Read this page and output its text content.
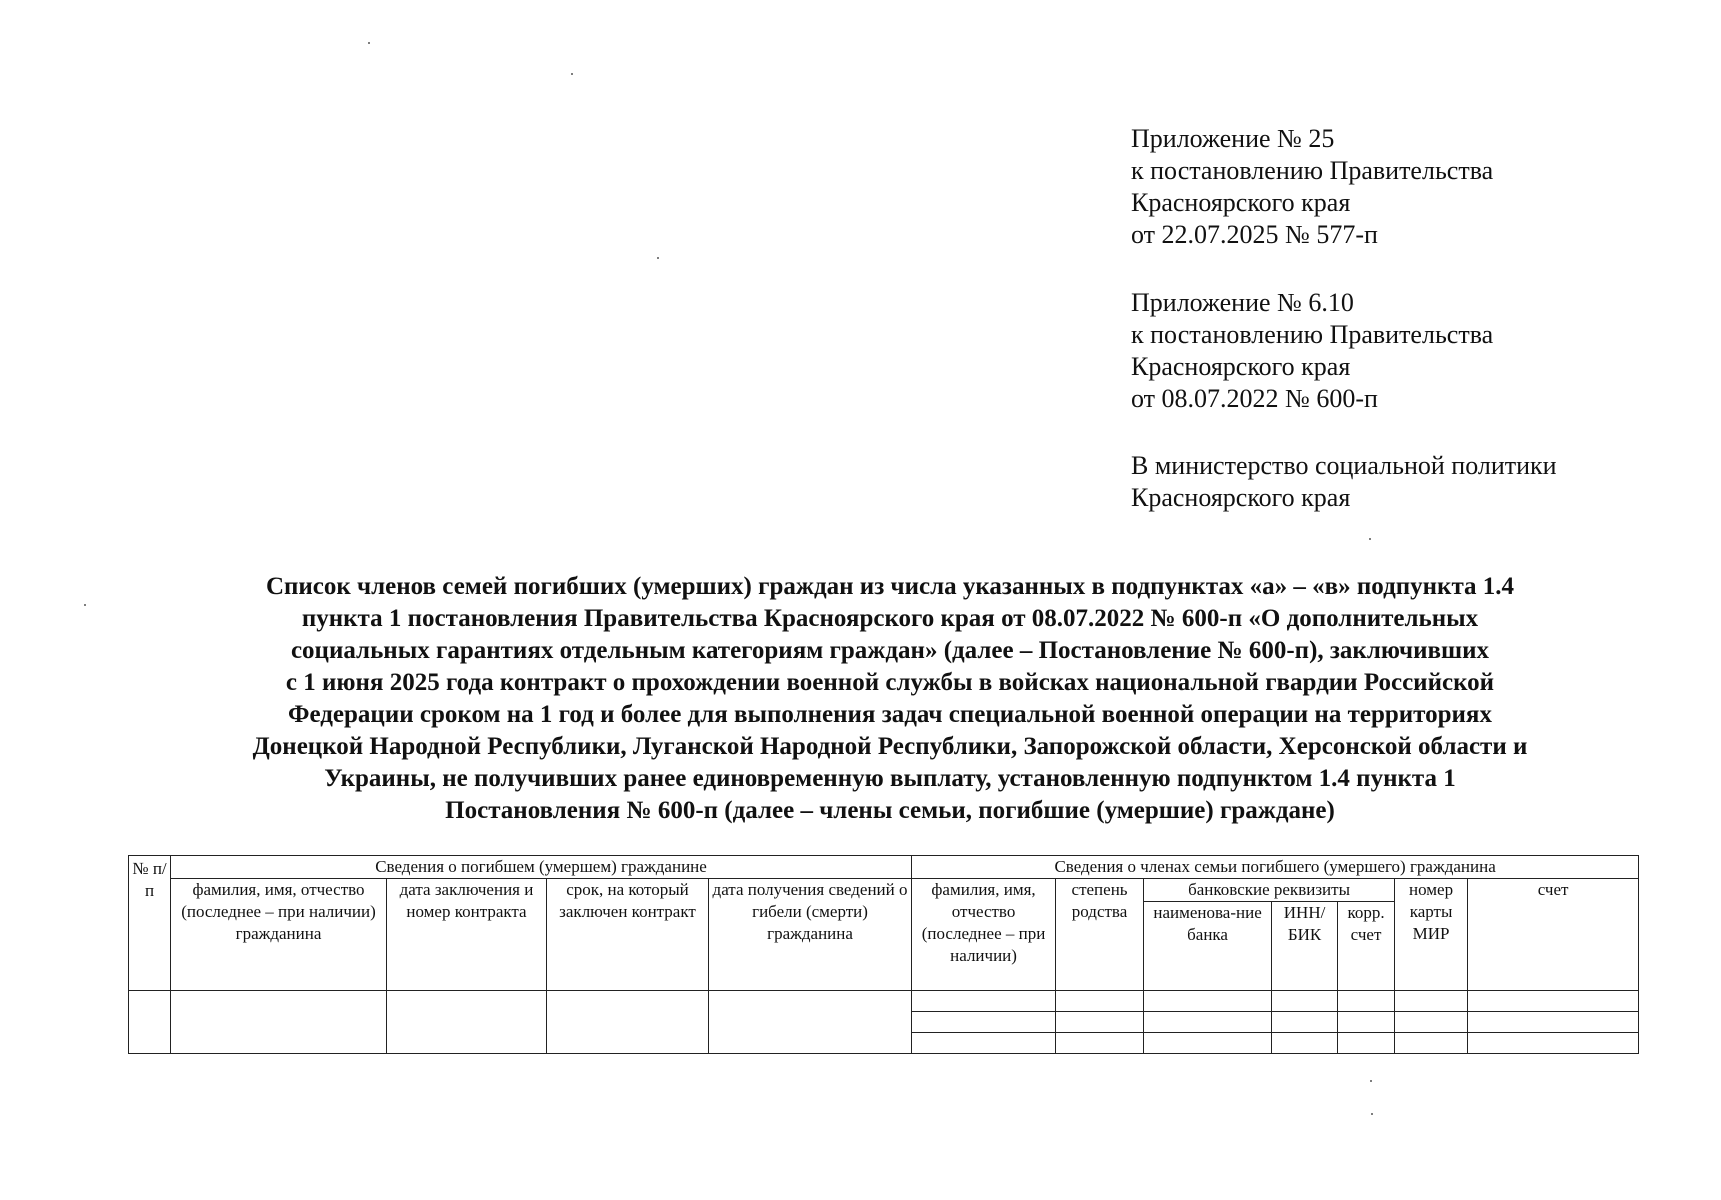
Приложение № 25
к постановлению Правительства
Красноярского края
от 22.07.2025 № 577-п
Приложение № 6.10
к постановлению Правительства
Красноярского края
от 08.07.2022 № 600-п
В министерство социальной политики
Красноярского края
Список членов семей погибших (умерших) граждан из числа указанных в подпунктах «а» – «в» подпункта 1.4
пункта 1 постановления Правительства Красноярского края от 08.07.2022 № 600-п «О дополнительных
социальных гарантиях отдельным категориям граждан» (далее – Постановление № 600-п), заключивших
с 1 июня 2025 года контракт о прохождении военной службы в войсках национальной гвардии Российской
Федерации сроком на 1 год и более для выполнения задач специальной военной операции на территориях
Донецкой Народной Республики, Луганской Народной Республики, Запорожской области, Херсонской области и
Украины, не получивших ранее единовременную выплату, установленную подпунктом 1.4 пункта 1
Постановления № 600-п (далее – члены семьи, погибшие (умершие) граждане)
№ п/п	Сведения о погибшем (умершем) гражданине				Сведения о членах семьи погибшего (умершего) гражданина						
	фамилия, имя, отчество (последнее – при наличии) гражданина	дата заключения и номер контракта	срок, на который заключен контракт	дата получения сведений о гибели (смерти) гражданина	фамилия, имя, отчество (последнее – при наличии)	степень родства	банковские реквизиты			номер карты МИР	счет
							наименова-ние банка	ИНН/ БИК	корр. счет		
